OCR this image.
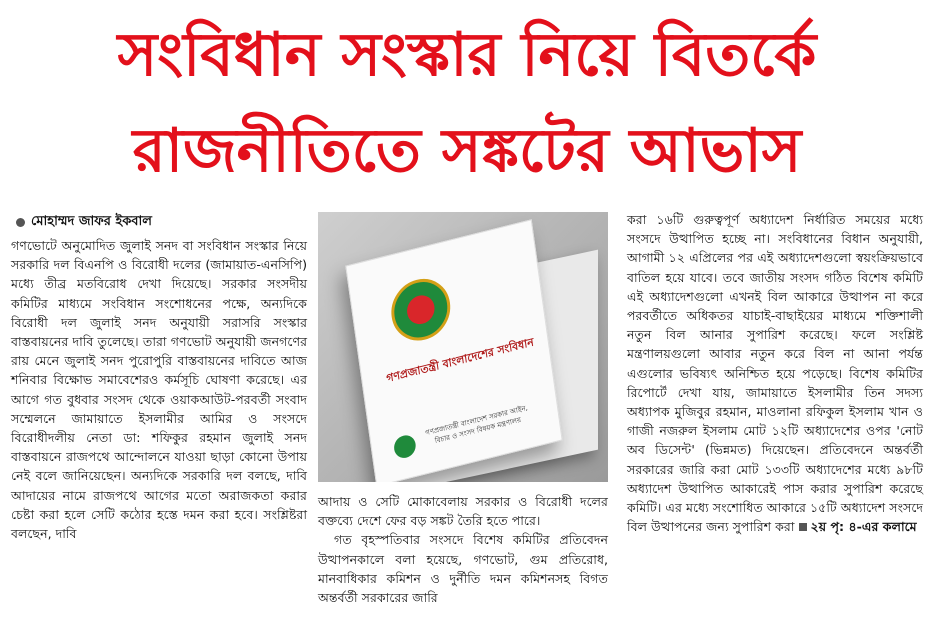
সংবিধান সংস্কার নিয়ে বিতর্কে
রাজনীতিতে সঙ্কটের আভাস
মোহাম্মদ জাফর ইকবাল

গণভোটে অনুমোদিত জুলাই সনদ বা সংবিধান সংস্কার নিয়ে সরকারি দল বিএনপি ও বিরোধী দলের (জামায়াত-এনসিপি) মধ্যে তীব্র মতবিরোধ দেখা দিয়েছে। সরকার সংসদীয় কমিটির মাধ্যমে সংবিধান সংশোধনের পক্ষে, অন্যদিকে বিরোধী দল জুলাই সনদ অনুযায়ী সরাসরি সংস্কার বাস্তবায়নের দাবি তুলেছে। তারা গণভোট অনুযায়ী জনগণের রায় মেনে জুলাই সনদ পুরোপুরি বাস্তবায়নের দাবিতে আজ শনিবার বিক্ষোভ সমাবেশেরও কর্মসূচি ঘোষণা করেছে। এর আগে গত বুধবার সংসদ থেকে ওয়াকআউট-পরবর্তী সংবাদ সম্মেলনে জামায়াতে ইসলামীর আমির ও সংসদে বিরোধীদলীয় নেতা ডা: শফিকুর রহমান জুলাই সনদ বাস্তবায়নে রাজপথে আন্দোলনে যাওয়া ছাড়া কোনো উপায় নেই বলে জানিয়েছেন। অন্যদিকে সরকারি দল বলছে, দাবি আদায়ের নামে রাজপথে আগের মতো অরাজকতা করার চেষ্টা করা হলে সেটি কঠোর হস্তে দমন করা হবে। সংশ্লিষ্টরা বলছেন, দাবি

গণপ্রজাতন্ত্রী বাংলাদেশের সংবিধান
গণপ্রজাতন্ত্রী বাংলাদেশ সরকার আইন, বিচার ও সংসদ বিষয়ক মন্ত্রণালয়

আদায় ও সেটি মোকাবেলায় সরকার ও বিরোধী দলের বক্তব্যে দেশে ফের বড় সঙ্কট তৈরি হতে পারে।

গত বৃহস্পতিবার সংসদে বিশেষ কমিটির প্রতিবেদন উত্থাপনকালে বলা হয়েছে, গণভোট, গুম প্রতিরোধ, মানবাধিকার কমিশন ও দুর্নীতি দমন কমিশনসহ বিগত অন্তর্বর্তী সরকারের জারি

করা ১৬টি গুরুত্বপূর্ণ অধ্যাদেশ নির্ধারিত সময়ের মধ্যে সংসদে উত্থাপিত হচ্ছে না। সংবিধানের বিধান অনুযায়ী, আগামী ১২ এপ্রিলের পর এই অধ্যাদেশগুলো স্বয়ংক্রিয়ভাবে বাতিল হয়ে যাবে। তবে জাতীয় সংসদ গঠিত বিশেষ কমিটি এই অধ্যাদেশগুলো এখনই বিল আকারে উত্থাপন না করে পরবর্তীতে অধিকতর যাচাই-বাছাইয়ের মাধ্যমে শক্তিশালী নতুন বিল আনার সুপারিশ করেছে। ফলে সংশ্লিষ্ট মন্ত্রণালয়গুলো আবার নতুন করে বিল না আনা পর্যন্ত এগুলোর ভবিষ্যৎ অনিশ্চিত হয়ে পড়েছে। বিশেষ কমিটির রিপোর্টে দেখা যায়, জামায়াতে ইসলামীর তিন সদস্য অধ্যাপক মুজিবুর রহমান, মাওলানা রফিকুল ইসলাম খান ও গাজী নজরুল ইসলাম মোট ১২টি অধ্যাদেশের ওপর 'নোট অব ডিসেন্ট' (ভিন্নমত) দিয়েছেন। প্রতিবেদনে অন্তর্বর্তী সরকারের জারি করা মোট ১৩৩টি অধ্যাদেশের মধ্যে ৯৮টি অধ্যাদেশ উত্থাপিত আকারেই পাস করার সুপারিশ করেছে কমিটি। এর মধ্যে সংশোধিত আকারে ১৫টি অধ্যাদেশ সংসদে বিল উত্থাপনের জন্য সুপারিশ করা ২য় পৃ: ৪-এর কলামে
